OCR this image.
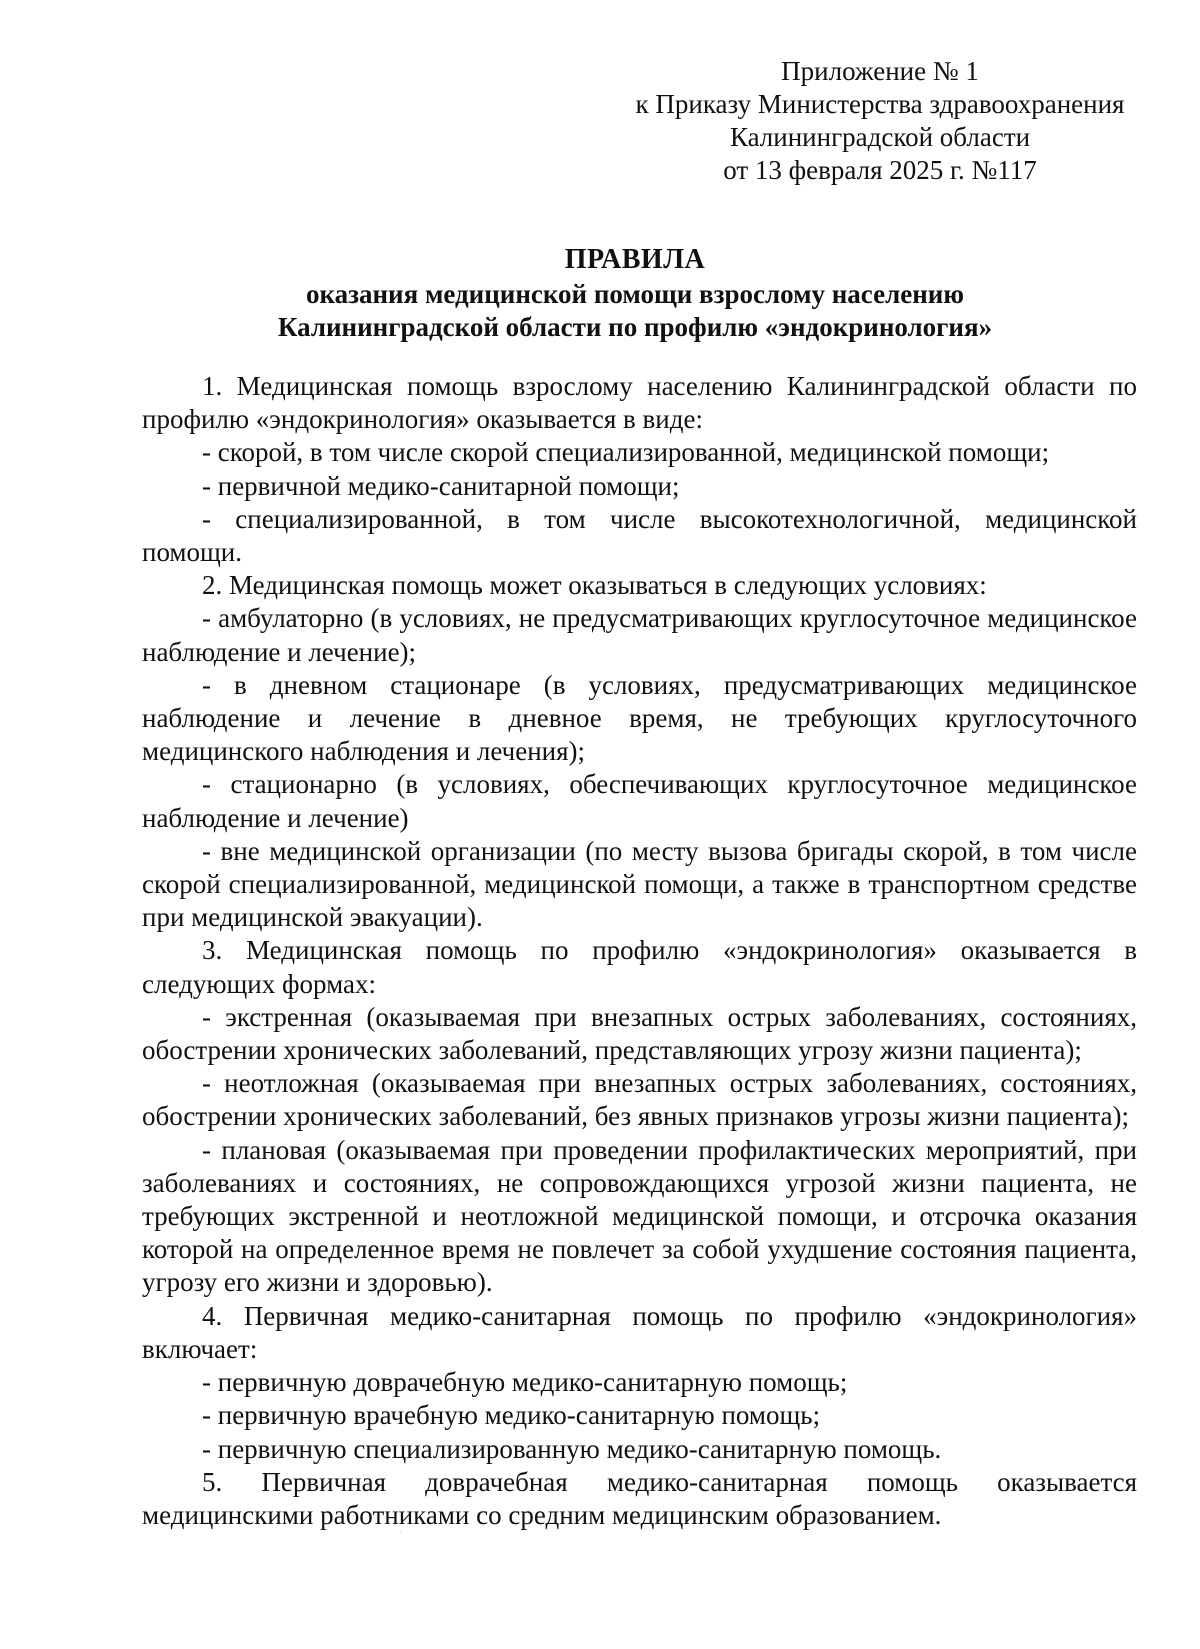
Приложение № 1
к Приказу Министерства здравоохранения
Калининградской области
от 13 февраля 2025 г. №117
ПРАВИЛА
оказания медицинской помощи взрослому населению
Калининградской области по профилю «эндокринология»

1. Медицинская помощь взрослому населению Калининградской области по профилю «эндокринология» оказывается в виде:

- скорой, в том числе скорой специализированной, медицинской помощи;

- первичной медико-санитарной помощи;

- специализированной, в том числе высокотехнологичной, медицинской помощи.

2. Медицинская помощь может оказываться в следующих условиях:

- амбулаторно (в условиях, не предусматривающих круглосуточное медицинское наблюдение и лечение);

- в дневном стационаре (в условиях, предусматривающих медицинское наблюдение и лечение в дневное время, не требующих круглосуточного медицинского наблюдения и лечения);

- стационарно (в условиях, обеспечивающих круглосуточное медицинское наблюдение и лечение)

- вне медицинской организации (по месту вызова бригады скорой, в том числе скорой специализированной, медицинской помощи, а также в транспортном средстве при медицинской эвакуации).

3. Медицинская помощь по профилю «эндокринология» оказывается в следующих формах:

- экстренная (оказываемая при внезапных острых заболеваниях, состояниях, обострении хронических заболеваний, представляющих угрозу жизни пациента);

- неотложная (оказываемая при внезапных острых заболеваниях, состояниях, обострении хронических заболеваний, без явных признаков угрозы жизни пациента);

- плановая (оказываемая при проведении профилактических мероприятий, при заболеваниях и состояниях, не сопровождающихся угрозой жизни пациента, не требующих экстренной и неотложной медицинской помощи, и отсрочка оказания которой на определенное время не повлечет за собой ухудшение состояния пациента, угрозу его жизни и здоровью).

4. Первичная медико-санитарная помощь по профилю «эндокринология» включает:

- первичную доврачебную медико-санитарную помощь;

- первичную врачебную медико-санитарную помощь;

- первичную специализированную медико-санитарную помощь.

5. Первичная доврачебная медико-санитарная помощь оказывается медицинскими работниками со средним медицинским образованием.
